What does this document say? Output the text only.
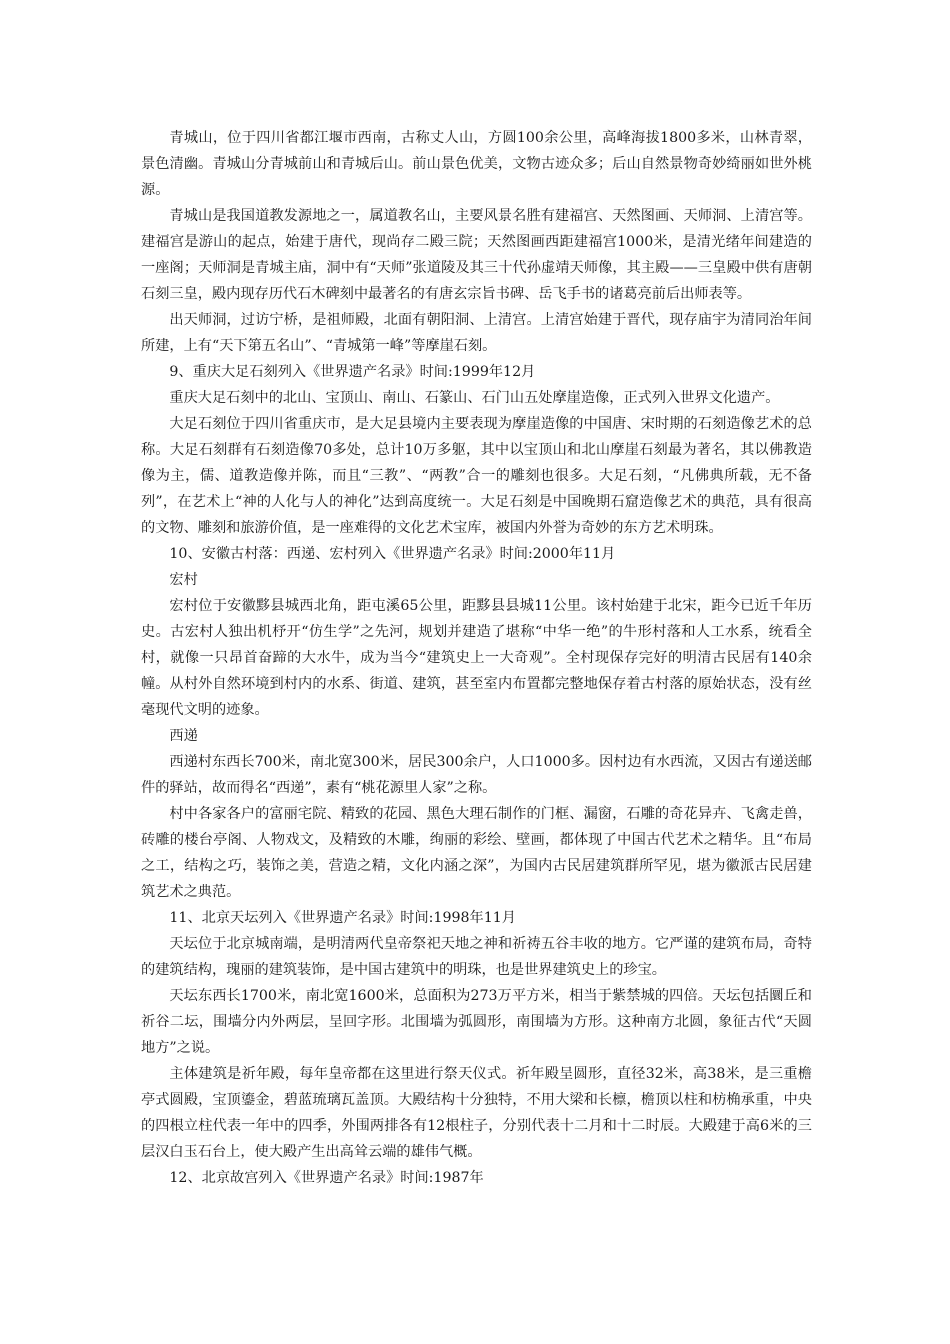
青城山，位于四川省都江堰市西南，古称丈人山，方圆100余公里，高峰海拔1800多米，山林青翠，景色清幽。青城山分青城前山和青城后山。前山景色优美，文物古迹众多；后山自然景物奇妙绮丽如世外桃源。

青城山是我国道教发源地之一，属道教名山，主要风景名胜有建福宫、天然图画、天师洞、上清宫等。建福宫是游山的起点，始建于唐代，现尚存二殿三院；天然图画西距建福宫1000米，是清光绪年间建造的一座阁；天师洞是青城主庙，洞中有“天师”张道陵及其三十代孙虚靖天师像，其主殿——三皇殿中供有唐朝石刻三皇，殿内现存历代石木碑刻中最著名的有唐玄宗旨书碑、岳飞手书的诸葛亮前后出师表等。

出天师洞，过访宁桥，是祖师殿，北面有朝阳洞、上清宫。上清宫始建于晋代，现存庙宇为清同治年间所建，上有“天下第五名山”、“青城第一峰”等摩崖石刻。

9、重庆大足石刻列入《世界遗产名录》时间:1999年12月

重庆大足石刻中的北山、宝顶山、南山、石篆山、石门山五处摩崖造像，正式列入世界文化遗产。

大足石刻位于四川省重庆市，是大足县境内主要表现为摩崖造像的中国唐、宋时期的石刻造像艺术的总称。大足石刻群有石刻造像70多处，总计10万多躯，其中以宝顶山和北山摩崖石刻最为著名，其以佛教造像为主，儒、道教造像并陈，而且“三教”、“两教”合一的雕刻也很多。大足石刻，“凡佛典所载，无不备列”，在艺术上“神的人化与人的神化”达到高度统一。大足石刻是中国晚期石窟造像艺术的典范，具有很高的文物、雕刻和旅游价值，是一座难得的文化艺术宝库，被国内外誉为奇妙的东方艺术明珠。

10、安徽古村落：西递、宏村列入《世界遗产名录》时间:2000年11月

宏村

宏村位于安徽黟县城西北角，距屯溪65公里，距黟县县城11公里。该村始建于北宋，距今已近千年历史。古宏村人独出机杼开“仿生学”之先河，规划并建造了堪称“中华一绝”的牛形村落和人工水系，统看全村，就像一只昂首奋蹄的大水牛，成为当今“建筑史上一大奇观”。全村现保存完好的明清古民居有140余幢。从村外自然环境到村内的水系、街道、建筑，甚至室内布置都完整地保存着古村落的原始状态，没有丝毫现代文明的迹象。

西递

西递村东西长700米，南北宽300米，居民300余户，人口1000多。因村边有水西流，又因古有递送邮件的驿站，故而得名“西递”，素有“桃花源里人家”之称。

村中各家各户的富丽宅院、精致的花园、黑色大理石制作的门框、漏窗，石雕的奇花异卉、飞禽走兽，砖雕的楼台亭阁、人物戏文，及精致的木雕，绚丽的彩绘、壁画，都体现了中国古代艺术之精华。且“布局之工，结构之巧，装饰之美，营造之精，文化内涵之深”，为国内古民居建筑群所罕见，堪为徽派古民居建筑艺术之典范。

11、北京天坛列入《世界遗产名录》时间:1998年11月

天坛位于北京城南端，是明清两代皇帝祭祀天地之神和祈祷五谷丰收的地方。它严谨的建筑布局，奇特的建筑结构，瑰丽的建筑装饰，是中国古建筑中的明珠，也是世界建筑史上的珍宝。

天坛东西长1700米，南北宽1600米，总面积为273万平方米，相当于紫禁城的四倍。天坛包括圜丘和祈谷二坛，围墙分内外两层，呈回字形。北围墙为弧圆形，南围墙为方形。这种南方北圆，象征古代“天圆地方”之说。

主体建筑是祈年殿，每年皇帝都在这里进行祭天仪式。祈年殿呈圆形，直径32米，高38米，是三重檐亭式圆殿，宝顶鎏金，碧蓝琉璃瓦盖顶。大殿结构十分独特，不用大梁和长檩，檐顶以柱和枋桷承重，中央的四根立柱代表一年中的四季，外围两排各有12根柱子，分别代表十二月和十二时辰。大殿建于高6米的三层汉白玉石台上，使大殿产生出高耸云端的雄伟气概。

12、北京故宫列入《世界遗产名录》时间:1987年
